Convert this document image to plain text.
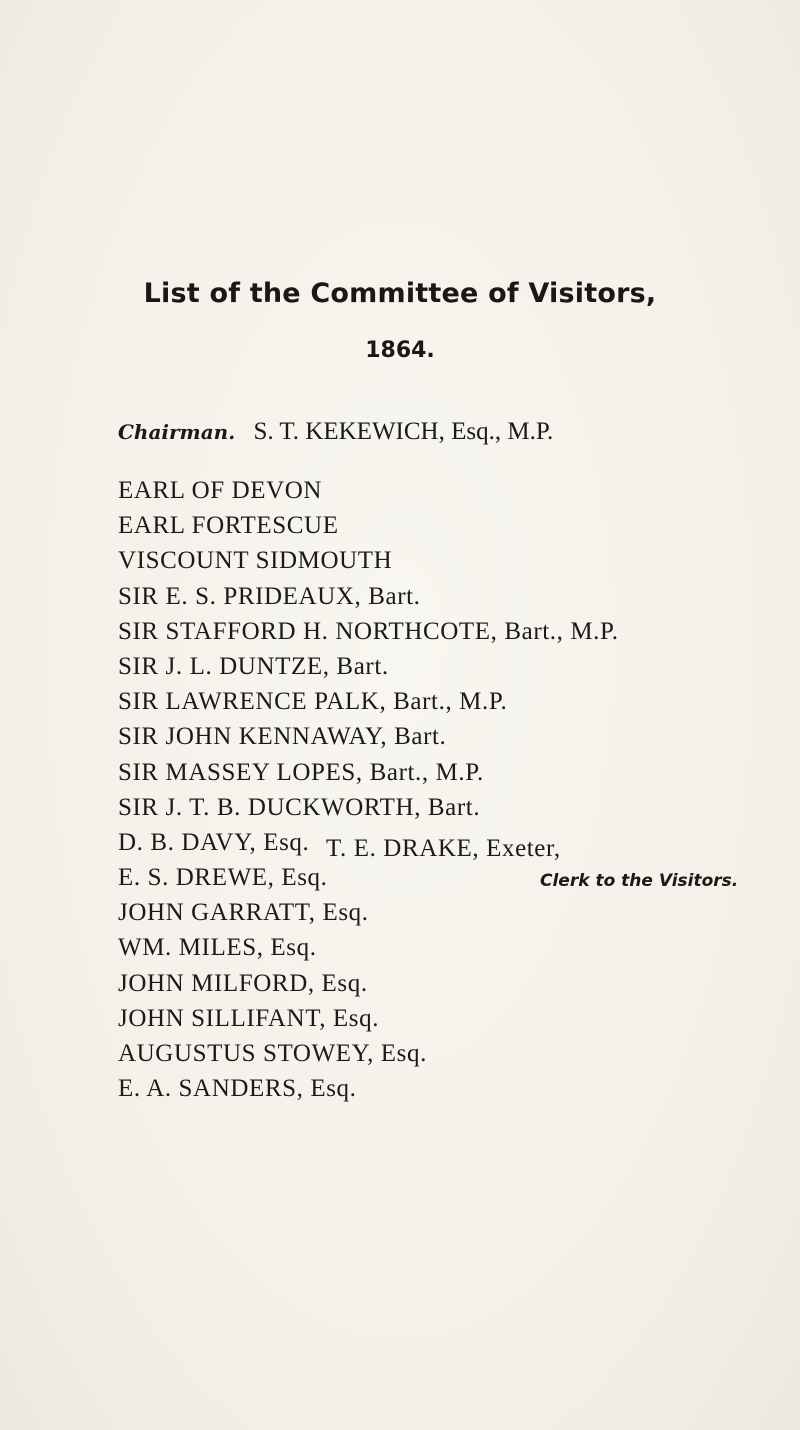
List of the Committee of Visitors,
1864.
Chairman. S. T. KEKEWICH, Esq., M.P.
EARL OF DEVON
EARL FORTESCUE
VISCOUNT SIDMOUTH
SIR E. S. PRIDEAUX, Bart.
SIR STAFFORD H. NORTHCOTE, Bart., M.P.
SIR J. L. DUNTZE, Bart.
SIR LAWRENCE PALK, Bart., M.P.
SIR JOHN KENNAWAY, Bart.
SIR MASSEY LOPES, Bart., M.P.
SIR J. T. B. DUCKWORTH, Bart.
D. B. DAVY, Esq.
E. S. DREWE, Esq.
JOHN GARRATT, Esq.
WM. MILES, Esq.
JOHN MILFORD, Esq.
JOHN SILLIFANT, Esq.
AUGUSTUS STOWEY, Esq.
E. A. SANDERS, Esq.
T. E. DRAKE, Exeter,
Clerk to the Visitors.
